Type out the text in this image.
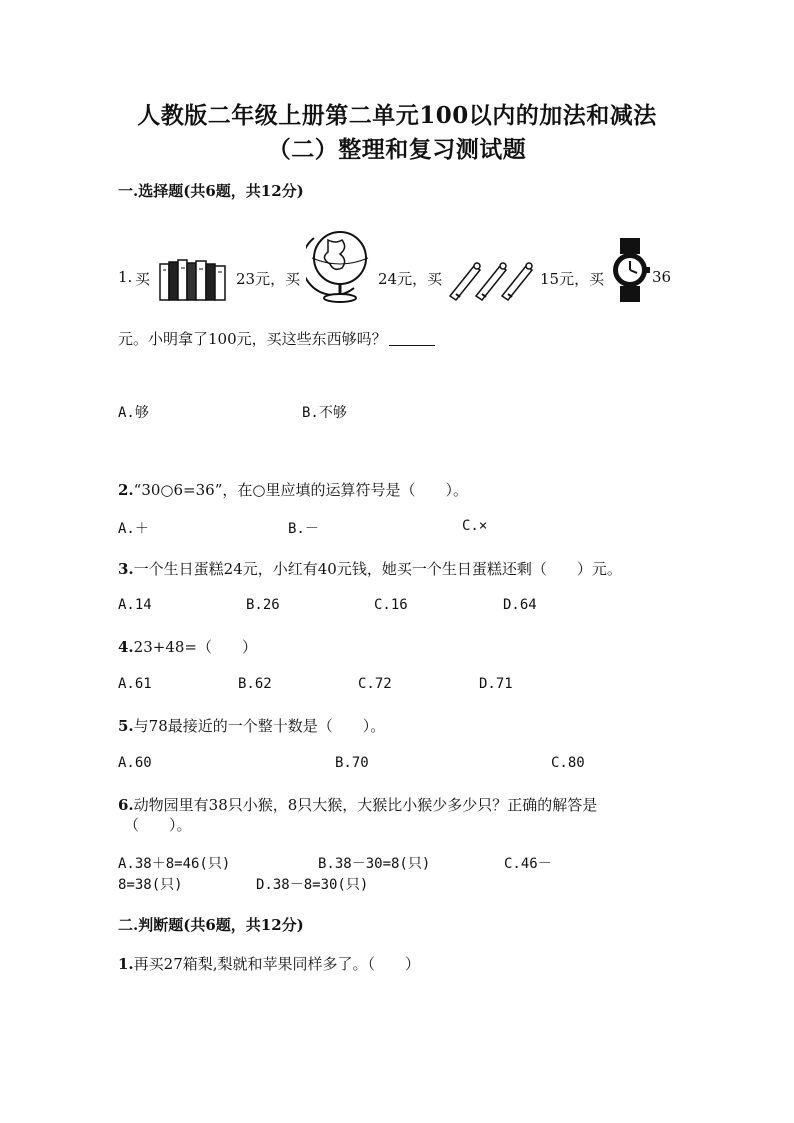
人教版二年级上册第二单元100以内的加法和减法
（二）整理和复习测试题
一.选择题(共6题，共12分)
1. 买	23元，买	24元，买	15元，买	36
元。小明拿了100元，买这些东西够吗？
A.够	B.不够
2.“30○6=36”，在○里应填的运算符号是（　　）。
A.＋	B.－	C.×
3.一个生日蛋糕24元，小红有40元钱，她买一个生日蛋糕还剩（　　）元。
A.14	B.26	C.16	D.64
4.23+48=（　　）
A.61	B.62	C.72	D.71
5.与78最接近的一个整十数是（　　）。
A.60	B.70	C.80
6.动物园里有38只小猴，8只大猴，大猴比小猴少多少只？正确的解答是
（　　）。
A.38＋8=46(只)	B.38－30=8(只)	C.46－
8=38(只)	D.38－8=30(只)
二.判断题(共6题，共12分)
1.再买27箱梨,梨就和苹果同样多了。（　　）
